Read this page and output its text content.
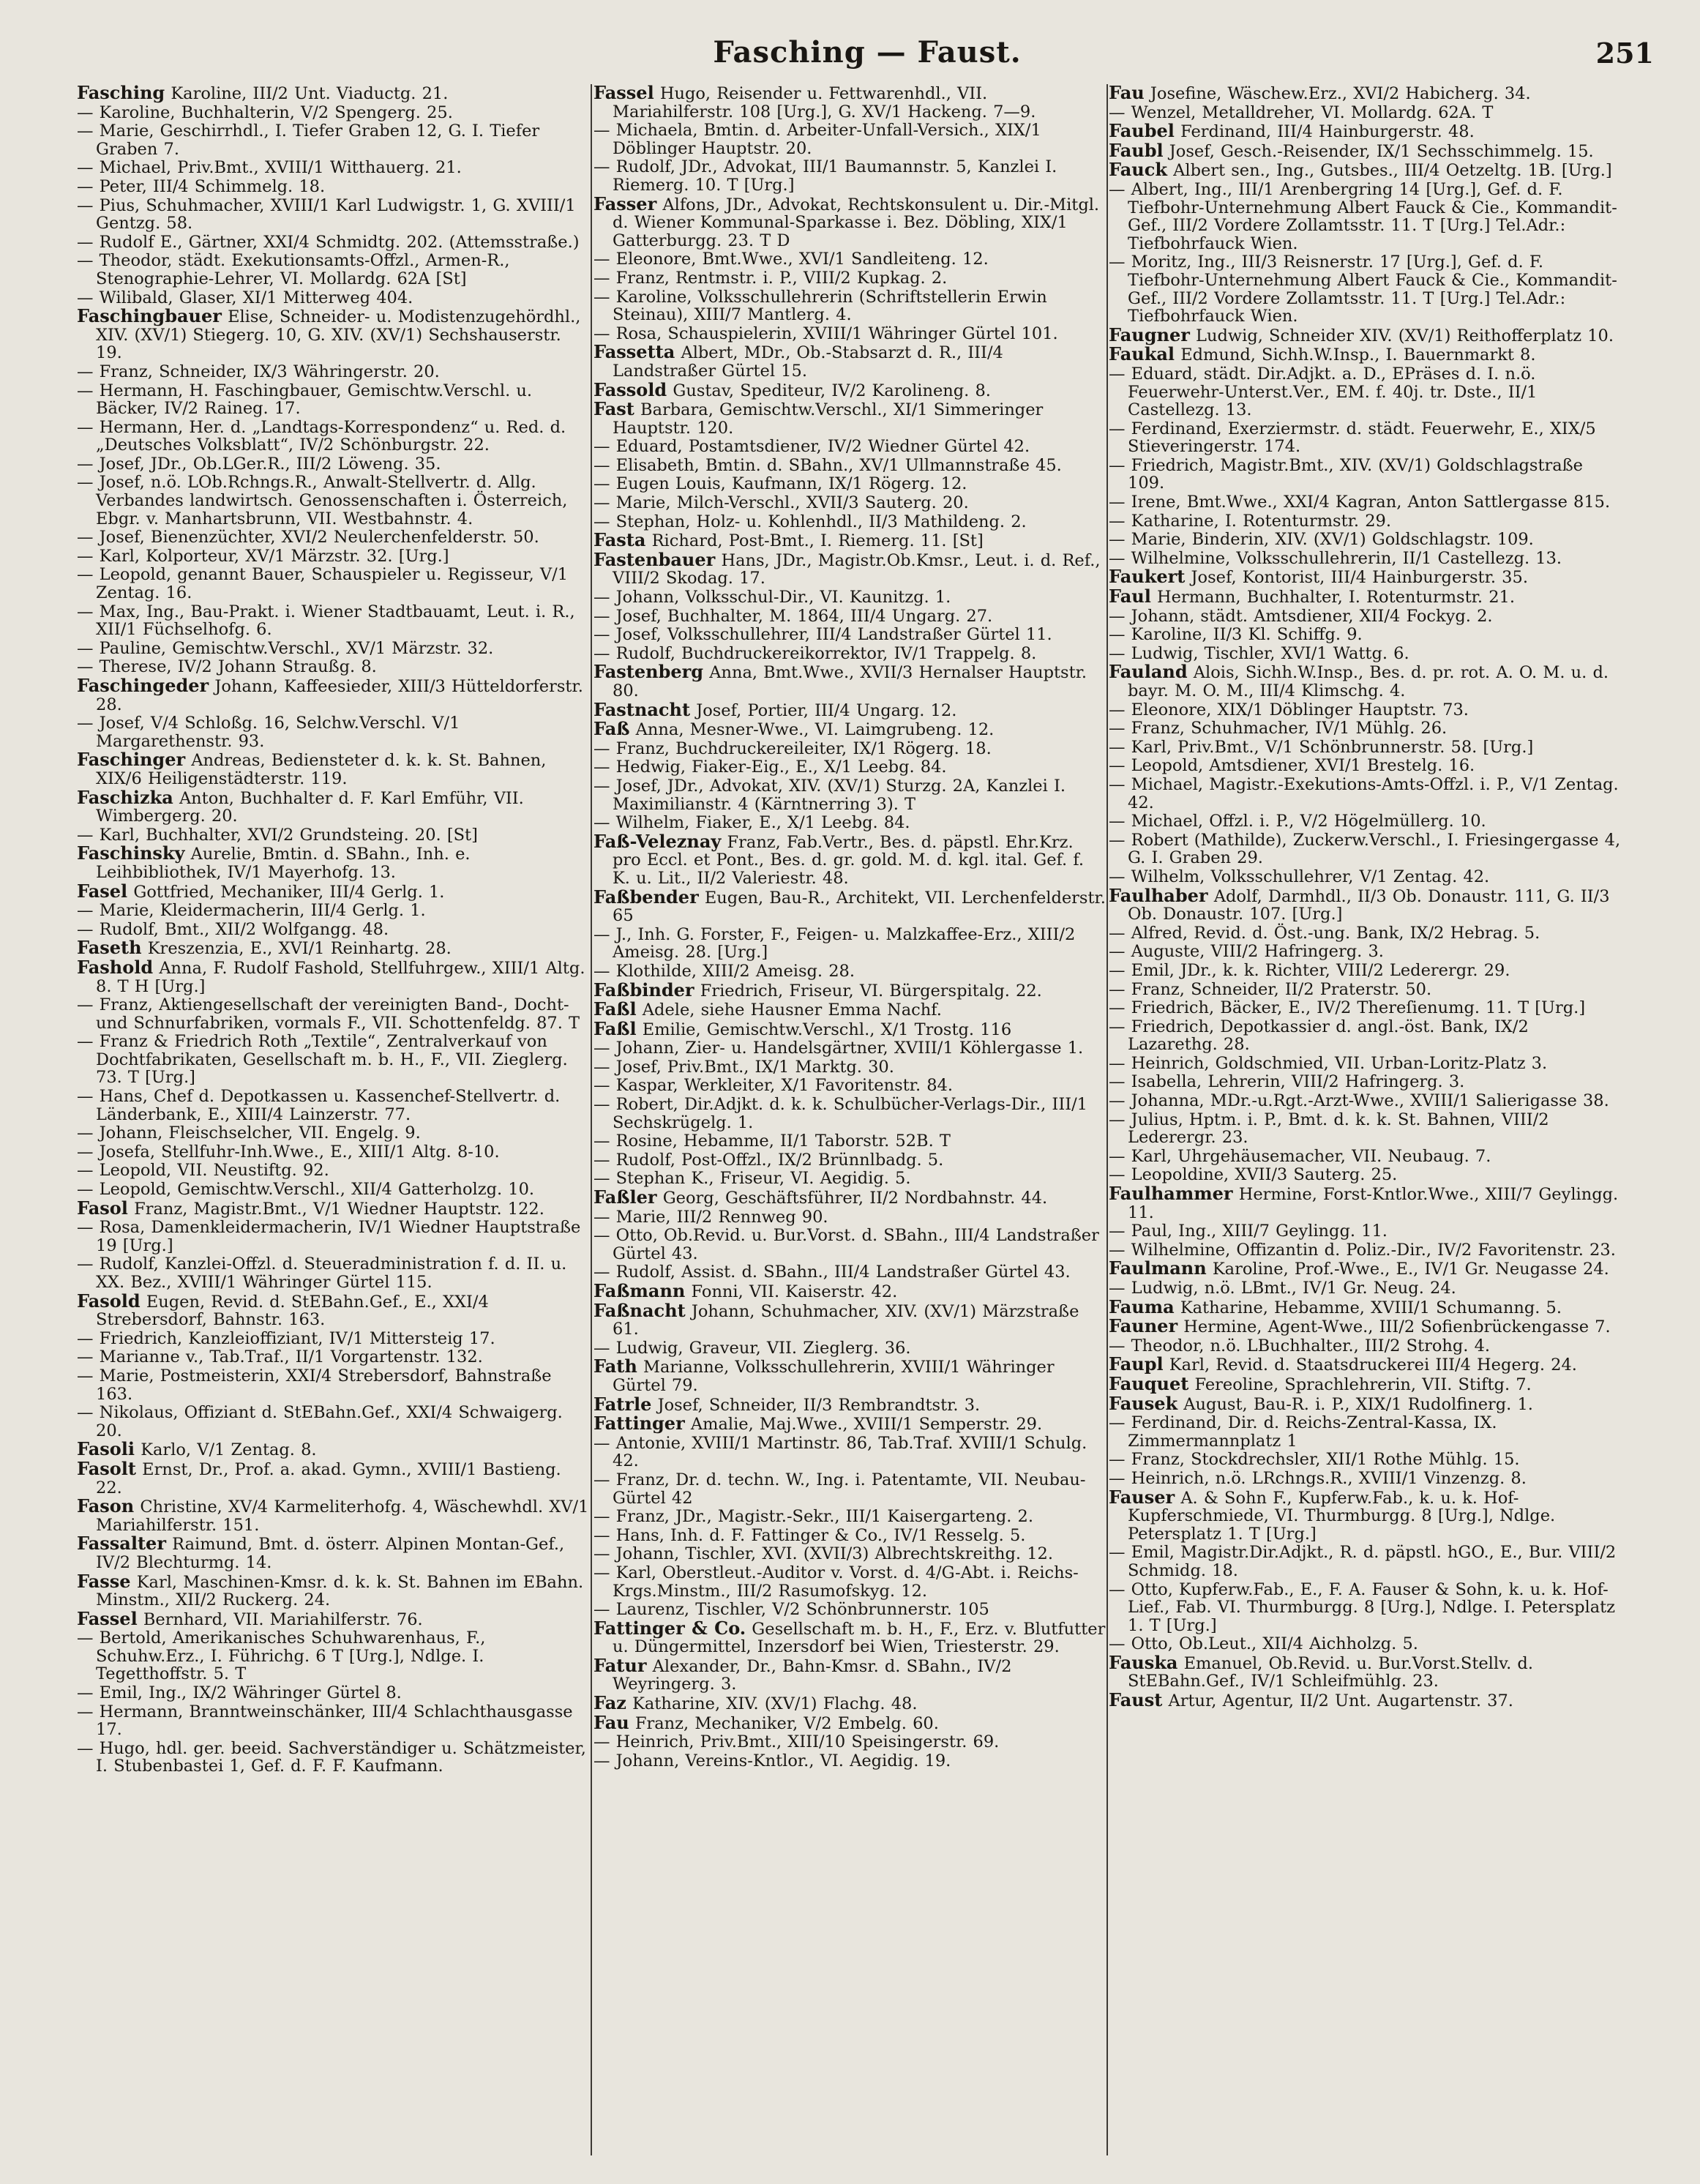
Fasching — Faust.	251
Fasching Karoline, III/2 Unt. Viaductg. 21.
— Karoline, Buchhalterin, V/2 Spengerg. 25.
— Marie, Geschirrhdl., I. Tiefer Graben 12, G. I. Tiefer Graben 7.
— Michael, Priv.Bmt., XVIII/1 Witthauerg. 21.
— Peter, III/4 Schimmelg. 18.
— Pius, Schuhmacher, XVIII/1 Karl Ludwigstr. 1, G. XVIII/1 Gentzg. 58.
— Rudolf E., Gärtner, XXI/4 Schmidtg. 202. (Attemsstraße.)
— Theodor, städt. Exekutionsamts-Offzl., Armen-R., Stenographie-Lehrer, VI. Mollardg. 62A [St]
— Wilibald, Glaser, XI/1 Mitterweg 404.
Faschingbauer Elise, Schneider- u. Modistenzugehördhl., XIV. (XV/1) Stiegerg. 10, G. XIV. (XV/1) Sechshauserstr. 19.
— Franz, Schneider, IX/3 Währingerstr. 20.
— Hermann, H. Faschingbauer, Gemischtw.Verschl. u. Bäcker, IV/2 Raineg. 17.
— Hermann, Her. d. „Landtags-Korrespondenz“ u. Red. d. „Deutsches Volksblatt“, IV/2 Schönburgstr. 22.
— Josef, JDr., Ob.LGer.R., III/2 Löweng. 35.
— Josef, n.ö. LOb.Rchngs.R., Anwalt-Stellvertr. d. Allg. Verbandes landwirtsch. Genossenschaften i. Österreich, Ebgr. v. Manhartsbrunn, VII. Westbahnstr. 4.
— Josef, Bienenzüchter, XVI/2 Neulerchenfelderstr. 50.
— Karl, Kolporteur, XV/1 Märzstr. 32. [Urg.]
— Leopold, genannt Bauer, Schauspieler u. Regisseur, V/1 Zentag. 16.
— Max, Ing., Bau-Prakt. i. Wiener Stadtbauamt, Leut. i. R., XII/1 Füchselhofg. 6.
— Pauline, Gemischtw.Verschl., XV/1 Märzstr. 32.
— Therese, IV/2 Johann Straußg. 8.
Faschingeder Johann, Kaffeesieder, XIII/3 Hütteldorferstr. 28.
— Josef, V/4 Schloßg. 16, Selchw.Verschl. V/1 Margarethenstr. 93.
Faschinger Andreas, Bediensteter d. k. k. St. Bahnen, XIX/6 Heiligenstädterstr. 119.
Faschizka Anton, Buchhalter d. F. Karl Emführ, VII. Wimbergerg. 20.
— Karl, Buchhalter, XVI/2 Grundsteing. 20. [St]
Faschinsky Aurelie, Bmtin. d. SBahn., Inh. e. Leihbibliothek, IV/1 Mayerhofg. 13.
Fasel Gottfried, Mechaniker, III/4 Gerlg. 1.
— Marie, Kleidermacherin, III/4 Gerlg. 1.
— Rudolf, Bmt., XII/2 Wolfgangg. 48.
Faseth Kreszenzia, E., XVI/1 Reinhartg. 28.
Fashold Anna, F. Rudolf Fashold, Stellfuhrgew., XIII/1 Altg. 8. T H [Urg.]
— Franz, Aktiengesellschaft der vereinigten Band-, Docht- und Schnurfabriken, vormals F., VII. Schottenfeldg. 87. T
— Franz & Friedrich Roth „Textile“, Zentralverkauf von Dochtfabrikaten, Gesellschaft m. b. H., F., VII. Zieglerg. 73. T [Urg.]
— Hans, Chef d. Depotkassen u. Kassenchef-Stellvertr. d. Länderbank, E., XIII/4 Lainzerstr. 77.
— Johann, Fleischselcher, VII. Engelg. 9.
— Josefa, Stellfuhr-Inh.Wwe., E., XIII/1 Altg. 8-10.
— Leopold, VII. Neustiftg. 92.
— Leopold, Gemischtw.Verschl., XII/4 Gatterholzg. 10.
Fasol Franz, Magistr.Bmt., V/1 Wiedner Hauptstr. 122.
— Rosa, Damenkleidermacherin, IV/1 Wiedner Hauptstraße 19 [Urg.]
— Rudolf, Kanzlei-Offzl. d. Steueradministration f. d. II. u. XX. Bez., XVIII/1 Währinger Gürtel 115.
Fasold Eugen, Revid. d. StEBahn.Gef., E., XXI/4 Strebersdorf, Bahnstr. 163.
— Friedrich, Kanzleioffiziant, IV/1 Mittersteig 17.
— Marianne v., Tab.Traf., II/1 Vorgartenstr. 132.
— Marie, Postmeisterin, XXI/4 Strebersdorf, Bahnstraße 163.
— Nikolaus, Offiziant d. StEBahn.Gef., XXI/4 Schwaigerg. 20.
Fasoli Karlo, V/1 Zentag. 8.
Fasolt Ernst, Dr., Prof. a. akad. Gymn., XVIII/1 Bastieng. 22.
Fason Christine, XV/4 Karmeliterhofg. 4, Wäschewhdl. XV/1 Mariahilferstr. 151.
Fassalter Raimund, Bmt. d. österr. Alpinen Montan-Gef., IV/2 Blechturmg. 14.
Fasse Karl, Maschinen-Kmsr. d. k. k. St. Bahnen im EBahn. Minstm., XII/2 Ruckerg. 24.
Fassel Bernhard, VII. Mariahilferstr. 76.
— Bertold, Amerikanisches Schuhwarenhaus, F., Schuhw.Erz., I. Führichg. 6 T [Urg.], Ndlge. I. Tegetthoffstr. 5. T
— Emil, Ing., IX/2 Währinger Gürtel 8.
— Hermann, Branntweinschänker, III/4 Schlachthausgasse 17.
— Hugo, hdl. ger. beeid. Sachverständiger u. Schätzmeister, I. Stubenbastei 1, Gef. d. F. F. Kaufmann.
Fassel Hugo, Reisender u. Fettwarenhdl., VII. Mariahilferstr. 108 [Urg.], G. XV/1 Hackeng. 7—9.
— Michaela, Bmtin. d. Arbeiter-Unfall-Versich., XIX/1 Döblinger Hauptstr. 20.
— Rudolf, JDr., Advokat, III/1 Baumannstr. 5, Kanzlei I. Riemerg. 10. T [Urg.]
Fasser Alfons, JDr., Advokat, Rechtskonsulent u. Dir.-Mitgl. d. Wiener Kommunal-Sparkasse i. Bez. Döbling, XIX/1 Gatterburgg. 23. T D
— Eleonore, Bmt.Wwe., XVI/1 Sandleiteng. 12.
— Franz, Rentmstr. i. P., VIII/2 Kupkag. 2.
— Karoline, Volksschullehrerin (Schriftstellerin Erwin Steinau), XIII/7 Mantlerg. 4.
— Rosa, Schauspielerin, XVIII/1 Währinger Gürtel 101.
Fassetta Albert, MDr., Ob.-Stabsarzt d. R., III/4 Landstraßer Gürtel 15.
Fassold Gustav, Spediteur, IV/2 Karolineng. 8.
Fast Barbara, Gemischtw.Verschl., XI/1 Simmeringer Hauptstr. 120.
— Eduard, Postamtsdiener, IV/2 Wiedner Gürtel 42.
— Elisabeth, Bmtin. d. SBahn., XV/1 Ullmannstraße 45.
— Eugen Louis, Kaufmann, IX/1 Rögerg. 12.
— Marie, Milch-Verschl., XVII/3 Sauterg. 20.
— Stephan, Holz- u. Kohlenhdl., II/3 Mathildeng. 2.
Fasta Richard, Post-Bmt., I. Riemerg. 11. [St]
Fastenbauer Hans, JDr., Magistr.Ob.Kmsr., Leut. i. d. Ref., VIII/2 Skodag. 17.
— Johann, Volksschul-Dir., VI. Kaunitzg. 1.
— Josef, Buchhalter, M. 1864, III/4 Ungarg. 27.
— Josef, Volksschullehrer, III/4 Landstraßer Gürtel 11.
— Rudolf, Buchdruckereikorrektor, IV/1 Trappelg. 8.
Fastenberg Anna, Bmt.Wwe., XVII/3 Hernalser Hauptstr. 80.
Fastnacht Josef, Portier, III/4 Ungarg. 12.
Faß Anna, Mesner-Wwe., VI. Laimgrubeng. 12.
— Franz, Buchdruckereileiter, IX/1 Rögerg. 18.
— Hedwig, Fiaker-Eig., E., X/1 Leebg. 84.
— Josef, JDr., Advokat, XIV. (XV/1) Sturzg. 2A, Kanzlei I. Maximilianstr. 4 (Kärntnerring 3). T
— Wilhelm, Fiaker, E., X/1 Leebg. 84.
Faß-Veleznay Franz, Fab.Vertr., Bes. d. päpstl. Ehr.Krz. pro Eccl. et Pont., Bes. d. gr. gold. M. d. kgl. ital. Gef. f. K. u. Lit., II/2 Valeriestr. 48.
Faßbender Eugen, Bau-R., Architekt, VII. Lerchenfelderstr. 65
— J., Inh. G. Forster, F., Feigen- u. Malzkaffee-Erz., XIII/2 Ameisg. 28. [Urg.]
— Klothilde, XIII/2 Ameisg. 28.
Faßbinder Friedrich, Friseur, VI. Bürgerspitalg. 22.
Faßl Adele, siehe Hausner Emma Nachf.
Faßl Emilie, Gemischtw.Verschl., X/1 Trostg. 116
— Johann, Zier- u. Handelsgärtner, XVIII/1 Köhlergasse 1.
— Josef, Priv.Bmt., IX/1 Marktg. 30.
— Kaspar, Werkleiter, X/1 Favoritenstr. 84.
— Robert, Dir.Adjkt. d. k. k. Schulbücher-Verlags-Dir., III/1 Sechskrügelg. 1.
— Rosine, Hebamme, II/1 Taborstr. 52B. T
— Rudolf, Post-Offzl., IX/2 Brünnlbadg. 5.
— Stephan K., Friseur, VI. Aegidig. 5.
Faßler Georg, Geschäftsführer, II/2 Nordbahnstr. 44.
— Marie, III/2 Rennweg 90.
— Otto, Ob.Revid. u. Bur.Vorst. d. SBahn., III/4 Landstraßer Gürtel 43.
— Rudolf, Assist. d. SBahn., III/4 Landstraßer Gürtel 43.
Faßmann Fonni, VII. Kaiserstr. 42.
Faßnacht Johann, Schuhmacher, XIV. (XV/1) Märzstraße 61.
— Ludwig, Graveur, VII. Zieglerg. 36.
Fath Marianne, Volksschullehrerin, XVIII/1 Währinger Gürtel 79.
Fatrle Josef, Schneider, II/3 Rembrandtstr. 3.
Fattinger Amalie, Maj.Wwe., XVIII/1 Semperstr. 29.
— Antonie, XVIII/1 Martinstr. 86, Tab.Traf. XVIII/1 Schulg. 42.
— Franz, Dr. d. techn. W., Ing. i. Patentamte, VII. Neubau-Gürtel 42
— Franz, JDr., Magistr.-Sekr., III/1 Kaisergarteng. 2.
— Hans, Inh. d. F. Fattinger & Co., IV/1 Resselg. 5.
— Johann, Tischler, XVI. (XVII/3) Albrechtskreithg. 12.
— Karl, Oberstleut.-Auditor v. Vorst. d. 4/G-Abt. i. Reichs-Krgs.Minstm., III/2 Rasumofskyg. 12.
— Laurenz, Tischler, V/2 Schönbrunnerstr. 105
Fattinger & Co. Gesellschaft m. b. H., F., Erz. v. Blutfutter u. Düngermittel, Inzersdorf bei Wien, Triesterstr. 29.
Fatur Alexander, Dr., Bahn-Kmsr. d. SBahn., IV/2 Weyringerg. 3.
Faz Katharine, XIV. (XV/1) Flachg. 48.
Fau Franz, Mechaniker, V/2 Embelg. 60.
— Heinrich, Priv.Bmt., XIII/10 Speisingerstr. 69.
— Johann, Vereins-Kntlor., VI. Aegidig. 19.
Fau Josefine, Wäschew.Erz., XVI/2 Habicherg. 34.
— Wenzel, Metalldreher, VI. Mollardg. 62A. T
Faubel Ferdinand, III/4 Hainburgerstr. 48.
Faubl Josef, Gesch.-Reisender, IX/1 Sechsschimmelg. 15.
Fauck Albert sen., Ing., Gutsbes., III/4 Oetzeltg. 1B. [Urg.]
— Albert, Ing., III/1 Arenbergring 14 [Urg.], Gef. d. F. Tiefbohr-Unternehmung Albert Fauck & Cie., Kommandit-Gef., III/2 Vordere Zollamtsstr. 11. T [Urg.] Tel.Adr.: Tiefbohrfauck Wien.
— Moritz, Ing., III/3 Reisnerstr. 17 [Urg.], Gef. d. F. Tiefbohr-Unternehmung Albert Fauck & Cie., Kommandit-Gef., III/2 Vordere Zollamtsstr. 11. T [Urg.] Tel.Adr.: Tiefbohrfauck Wien.
Faugner Ludwig, Schneider XIV. (XV/1) Reithofferplatz 10.
Faukal Edmund, Sichh.W.Insp., I. Bauernmarkt 8.
— Eduard, städt. Dir.Adjkt. a. D., EPräses d. I. n.ö. Feuerwehr-Unterst.Ver., EM. f. 40j. tr. Dste., II/1 Castellezg. 13.
— Ferdinand, Exerziermstr. d. städt. Feuerwehr, E., XIX/5 Stieveringerstr. 174.
— Friedrich, Magistr.Bmt., XIV. (XV/1) Goldschlagstraße 109.
— Irene, Bmt.Wwe., XXI/4 Kagran, Anton Sattlergasse 815.
— Katharine, I. Rotenturmstr. 29.
— Marie, Binderin, XIV. (XV/1) Goldschlagstr. 109.
— Wilhelmine, Volksschullehrerin, II/1 Castellezg. 13.
Faukert Josef, Kontorist, III/4 Hainburgerstr. 35.
Faul Hermann, Buchhalter, I. Rotenturmstr. 21.
— Johann, städt. Amtsdiener, XII/4 Fockyg. 2.
— Karoline, II/3 Kl. Schiffg. 9.
— Ludwig, Tischler, XVI/1 Wattg. 6.
Fauland Alois, Sichh.W.Insp., Bes. d. pr. rot. A. O. M. u. d. bayr. M. O. M., III/4 Klimschg. 4.
— Eleonore, XIX/1 Döblinger Hauptstr. 73.
— Franz, Schuhmacher, IV/1 Mühlg. 26.
— Karl, Priv.Bmt., V/1 Schönbrunnerstr. 58. [Urg.]
— Leopold, Amtsdiener, XVI/1 Brestelg. 16.
— Michael, Magistr.-Exekutions-Amts-Offzl. i. P., V/1 Zentag. 42.
— Michael, Offzl. i. P., V/2 Högelmüllerg. 10.
— Robert (Mathilde), Zuckerw.Verschl., I. Friesingergasse 4, G. I. Graben 29.
— Wilhelm, Volksschullehrer, V/1 Zentag. 42.
Faulhaber Adolf, Darmhdl., II/3 Ob. Donaustr. 111, G. II/3 Ob. Donaustr. 107. [Urg.]
— Alfred, Revid. d. Öst.-ung. Bank, IX/2 Hebrag. 5.
— Auguste, VIII/2 Hafringerg. 3.
— Emil, JDr., k. k. Richter, VIII/2 Lederergr. 29.
— Franz, Schneider, II/2 Praterstr. 50.
— Friedrich, Bäcker, E., IV/2 Thereſienumg. 11. T [Urg.]
— Friedrich, Depotkassier d. angl.-öst. Bank, IX/2 Lazarethg. 28.
— Heinrich, Goldschmied, VII. Urban-Loritz-Platz 3.
— Isabella, Lehrerin, VIII/2 Hafringerg. 3.
— Johanna, MDr.-u.Rgt.-Arzt-Wwe., XVIII/1 Salierigasse 38.
— Julius, Hptm. i. P., Bmt. d. k. k. St. Bahnen, VIII/2 Lederergr. 23.
— Karl, Uhrgehäusemacher, VII. Neubaug. 7.
— Leopoldine, XVII/3 Sauterg. 25.
Faulhammer Hermine, Forst-Kntlor.Wwe., XIII/7 Geylingg. 11.
— Paul, Ing., XIII/7 Geylingg. 11.
— Wilhelmine, Offizantin d. Poliz.-Dir., IV/2 Favoritenstr. 23.
Faulmann Karoline, Prof.-Wwe., E., IV/1 Gr. Neugasse 24.
— Ludwig, n.ö. LBmt., IV/1 Gr. Neug. 24.
Fauma Katharine, Hebamme, XVIII/1 Schumanng. 5.
Fauner Hermine, Agent-Wwe., III/2 Sofienbrückengasse 7.
— Theodor, n.ö. LBuchhalter., III/2 Strohg. 4.
Faupl Karl, Revid. d. Staatsdruckerei III/4 Hegerg. 24.
Fauquet Fereoline, Sprachlehrerin, VII. Stiftg. 7.
Fausek August, Bau-R. i. P., XIX/1 Rudolfinerg. 1.
— Ferdinand, Dir. d. Reichs-Zentral-Kassa, IX. Zimmermannplatz 1
— Franz, Stockdrechsler, XII/1 Rothe Mühlg. 15.
— Heinrich, n.ö. LRchngs.R., XVIII/1 Vinzenzg. 8.
Fauser A. & Sohn F., Kupferw.Fab., k. u. k. Hof-Kupferschmiede, VI. Thurmburgg. 8 [Urg.], Ndlge. Petersplatz 1. T [Urg.]
— Emil, Magistr.Dir.Adjkt., R. d. päpstl. hGO., E., Bur. VIII/2 Schmidg. 18.
— Otto, Kupferw.Fab., E., F. A. Fauser & Sohn, k. u. k. Hof-Lief., Fab. VI. Thurmburgg. 8 [Urg.], Ndlge. I. Petersplatz 1. T [Urg.]
— Otto, Ob.Leut., XII/4 Aichholzg. 5.
Fauska Emanuel, Ob.Revid. u. Bur.Vorst.Stellv. d. StEBahn.Gef., IV/1 Schleifmühlg. 23.
Faust Artur, Agentur, II/2 Unt. Augartenstr. 37.
